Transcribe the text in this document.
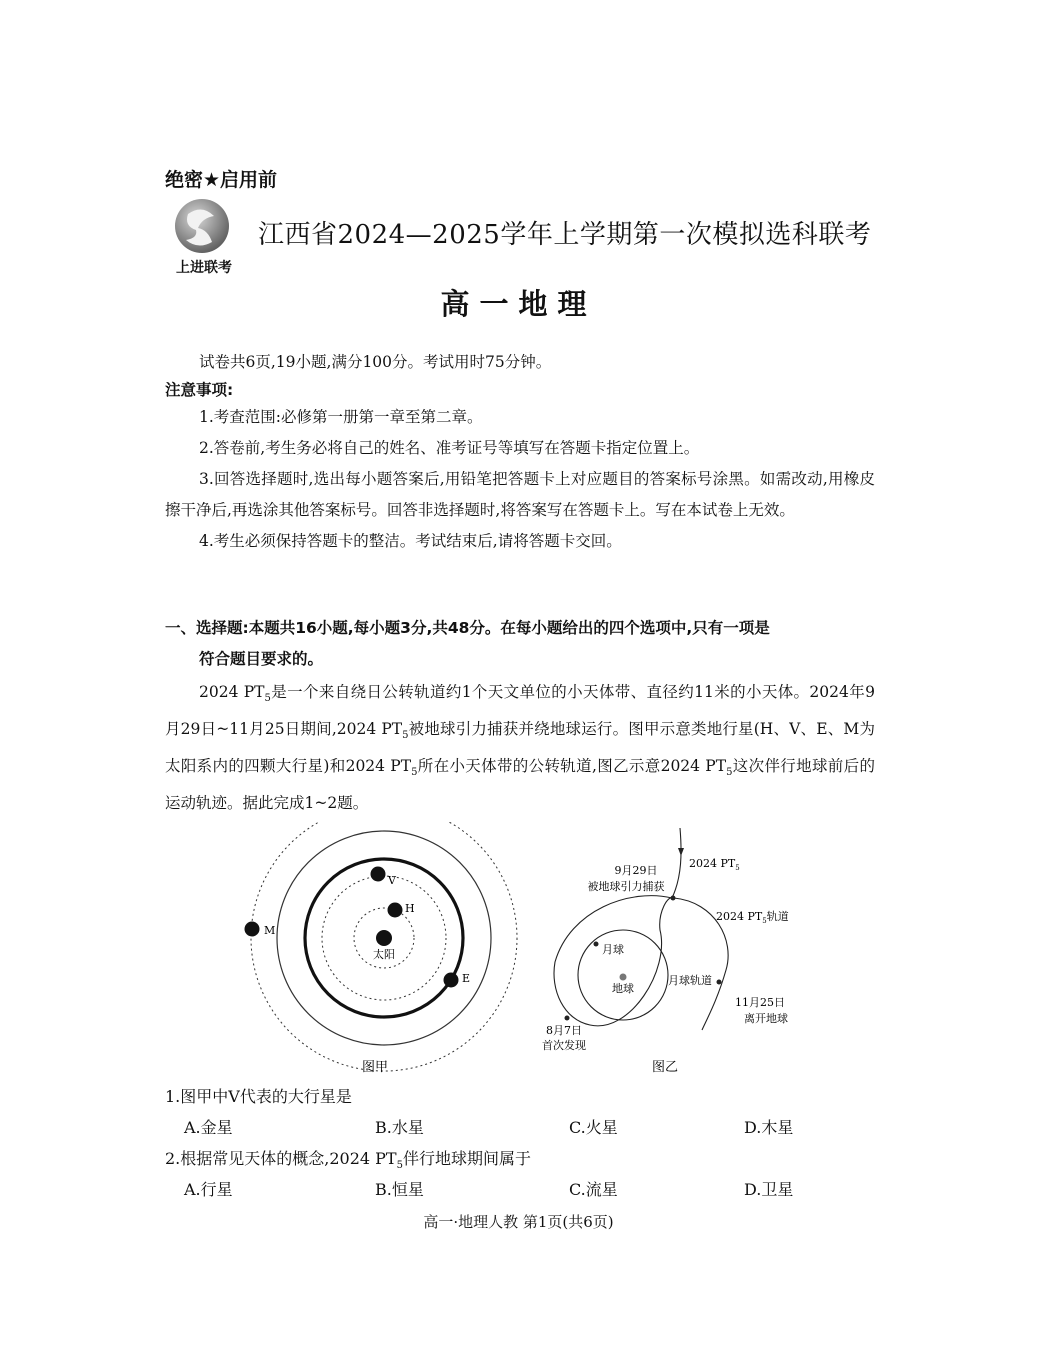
绝密★启用前
上进联考
江西省2024—2025学年上学期第一次模拟选科联考
高一地理
试卷共6页,19小题,满分100分。考试用时75分钟。
注意事项:

1.考查范围:必修第一册第一章至第二章。

2.答卷前,考生务必将自己的姓名、准考证号等填写在答题卡指定位置上。

3.回答选择题时,选出每小题答案后,用铅笔把答题卡上对应题目的答案标号涂黑。如需改动,用橡皮擦干净后,再选涂其他答案标号。回答非选择题时,将答案写在答题卡上。写在本试卷上无效。

4.考生必须保持答题卡的整洁。考试结束后,请将答题卡交回。

一、选择题:本题共16小题,每小题3分,共48分。在每小题给出的四个选项中,只有一项是
符合题目要求的。
2024 $PT_5$是一个来自绕日公转轨道约1个天文单位的小天体带、直径约11米的小天体。2024年9月29日~11月25日期间,2024 $PT_5$被地球引力捕获并绕地球运行。图甲示意类地行星(H、V、E、M为太阳系内的四颗大行星)和2024 $PT_5$所在小天体带的公转轨道,图乙示意2024 $PT_5$这次伴行地球前后的运动轨迹。据此完成1~2题。
太阳
V
H
M
E
图甲
地球
月球
月球轨道
9月29日
被地球引力捕获
2024 $PT_5$
2024 $PT_5$轨道
11月25日
离开地球
8月7日
首次发现
图乙
1.图甲中V代表的大行星是
A.金星	B.水星	C.火星	D.木星
2.根据常见天体的概念,2024 $PT_5$伴行地球期间属于
A.行星	B.恒星	C.流星	D.卫星
高一·地理人教 第1页(共6页)
